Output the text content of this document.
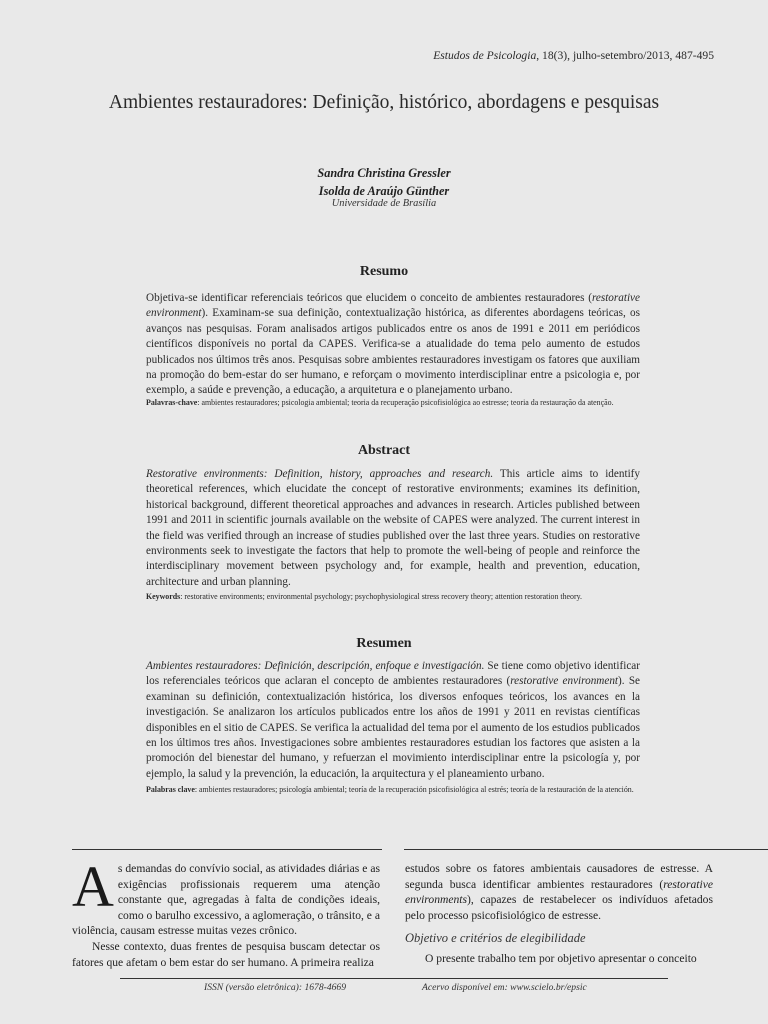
Estudos de Psicologia, 18(3), julho-setembro/2013, 487-495
Ambientes restauradores: Definição, histórico, abordagens e pesquisas
Sandra Christina Gressler
Isolda de Araújo Günther
Universidade de Brasília
Resumo
Objetiva-se identificar referenciais teóricos que elucidem o conceito de ambientes restauradores (restorative environment). Examinam-se sua definição, contextualização histórica, as diferentes abordagens teóricas, os avanços nas pesquisas. Foram analisados artigos publicados entre os anos de 1991 e 2011 em periódicos científicos disponíveis no portal da CAPES. Verifica-se a atualidade do tema pelo aumento de estudos publicados nos últimos três anos. Pesquisas sobre ambientes restauradores investigam os fatores que auxiliam na promoção do bem-estar do ser humano, e reforçam o movimento interdisciplinar entre a psicologia e, por exemplo, a saúde e prevenção, a educação, a arquitetura e o planejamento urbano.
Palavras-chave: ambientes restauradores; psicologia ambiental; teoria da recuperação psicofisiológica ao estresse; teoria da restauração da atenção.
Abstract
Restorative environments: Definition, history, approaches and research. This article aims to identify theoretical references, which elucidate the concept of restorative environments; examines its definition, historical background, different theoretical approaches and advances in research. Articles published between 1991 and 2011 in scientific journals available on the website of CAPES were analyzed. The current interest in the field was verified through an increase of studies published over the last three years. Studies on restorative environments seek to investigate the factors that help to promote the well-being of people and reinforce the interdisciplinary movement between psychology and, for example, health and prevention, education, architecture and urban planning.
Keywords: restorative environments; environmental psychology; psychophysiological stress recovery theory; attention restoration theory.
Resumen
Ambientes restauradores: Definición, descripción, enfoque e investigación. Se tiene como objetivo identificar los referenciales teóricos que aclaran el concepto de ambientes restauradores (restorative environment). Se examinan su definición, contextualización histórica, los diversos enfoques teóricos, los avances en la investigación. Se analizaron los artículos publicados entre los años de 1991 y 2011 en revistas científicas disponibles en el sitio de CAPES. Se verifica la actualidad del tema por el aumento de los estudios publicados en los últimos tres años. Investigaciones sobre ambientes restauradores estudian los factores que asisten a la promoción del bienestar del humano, y refuerzan el movimiento interdisciplinar entre la psicología y, por ejemplo, la salud y la prevención, la educación, la arquitectura y el planeamiento urbano.
Palabras clave: ambientes restauradores; psicología ambiental; teoría de la recuperación psicofisiológica al estrés; teoría de la restauración de la atención.

As demandas do convívio social, as atividades diárias e as exigências profissionais requerem uma atenção constante que, agregadas à falta de condições ideais, como o barulho excessivo, a aglomeração, o trânsito, e a violência, causam estresse muitas vezes crônico.

Nesse contexto, duas frentes de pesquisa buscam detectar os fatores que afetam o bem estar do ser humano. A primeira realiza

estudos sobre os fatores ambientais causadores de estresse. A segunda busca identificar ambientes restauradores (restorative environments), capazes de restabelecer os indivíduos afetados pelo processo psicofisiológico de estresse.

Objetivo e critérios de elegibilidade

O presente trabalho tem por objetivo apresentar o conceito

ISSN (versão eletrônica): 1678-4669	Acervo disponível em: www.scielo.br/epsic
